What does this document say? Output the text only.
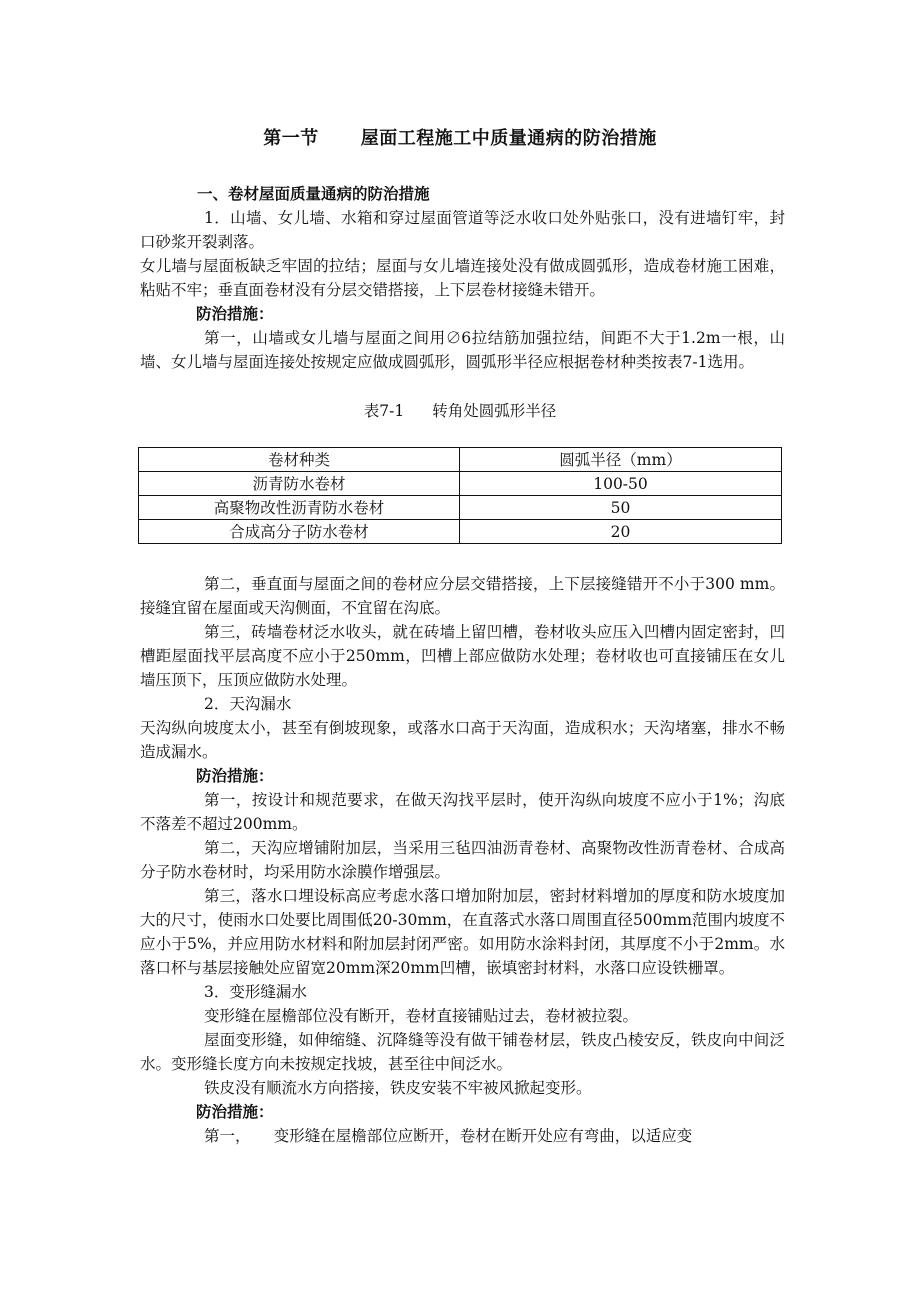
第一节 屋面工程施工中质量通病的防治措施
一、卷材屋面质量通病的防治措施

1．山墙、女儿墙、水箱和穿过屋面管道等泛水收口处外贴张口，没有进墙钉牢，封口砂浆开裂剥落。

女儿墙与屋面板缺乏牢固的拉结；屋面与女儿墙连接处没有做成圆弧形，造成卷材施工困难，粘贴不牢；垂直面卷材没有分层交错搭接，上下层卷材接缝未错开。

防治措施：

第一，山墙或女儿墙与屋面之间用∅6拉结筋加强拉结，间距不大于1.2m一根，山墙、女儿墙与屋面连接处按规定应做成圆弧形，圆弧形半径应根据卷材种类按表7-1选用。

表7-1 转角处圆弧形半径
卷材种类	圆弧半径（mm）
沥青防水卷材	100-50
高聚物改性沥青防水卷材	50
合成高分子防水卷材	20

第二，垂直面与屋面之间的卷材应分层交错搭接，上下层接缝错开不小于300 mm。接缝宜留在屋面或天沟侧面，不宜留在沟底。

第三，砖墙卷材泛水收头，就在砖墙上留凹槽，卷材收头应压入凹槽内固定密封，凹槽距屋面找平层高度不应小于250mm，凹槽上部应做防水处理；卷材收也可直接铺压在女儿墙压顶下，压顶应做防水处理。

2．天沟漏水

天沟纵向坡度太小，甚至有倒坡现象，或落水口高于天沟面，造成积水；天沟堵塞，排水不畅造成漏水。

防治措施：

第一，按设计和规范要求，在做天沟找平层时，使开沟纵向坡度不应小于1%；沟底不落差不超过200mm。

第二，天沟应增铺附加层，当采用三毡四油沥青卷材、高聚物改性沥青卷材、合成高分子防水卷材时，均采用防水涂膜作增强层。

第三，落水口埋设标高应考虑水落口增加附加层，密封材料增加的厚度和防水坡度加大的尺寸，使雨水口处要比周围低20-30mm，在直落式水落口周围直径500mm范围内坡度不应小于5%，并应用防水材料和附加层封闭严密。如用防水涂料封闭，其厚度不小于2mm。水落口杯与基层接触处应留宽20mm深20mm凹槽，嵌填密封材料，水落口应设铁栅罩。

3．变形缝漏水

变形缝在屋檐部位没有断开，卷材直接铺贴过去，卷材被拉裂。

屋面变形缝，如伸缩缝、沉降缝等没有做干铺卷材层，铁皮凸棱安反，铁皮向中间泛水。变形缝长度方向未按规定找坡，甚至往中间泛水。

铁皮没有顺流水方向搭接，铁皮安装不牢被风掀起变形。

防治措施：

第一，　　变形缝在屋檐部位应断开，卷材在断开处应有弯曲，以适应变
